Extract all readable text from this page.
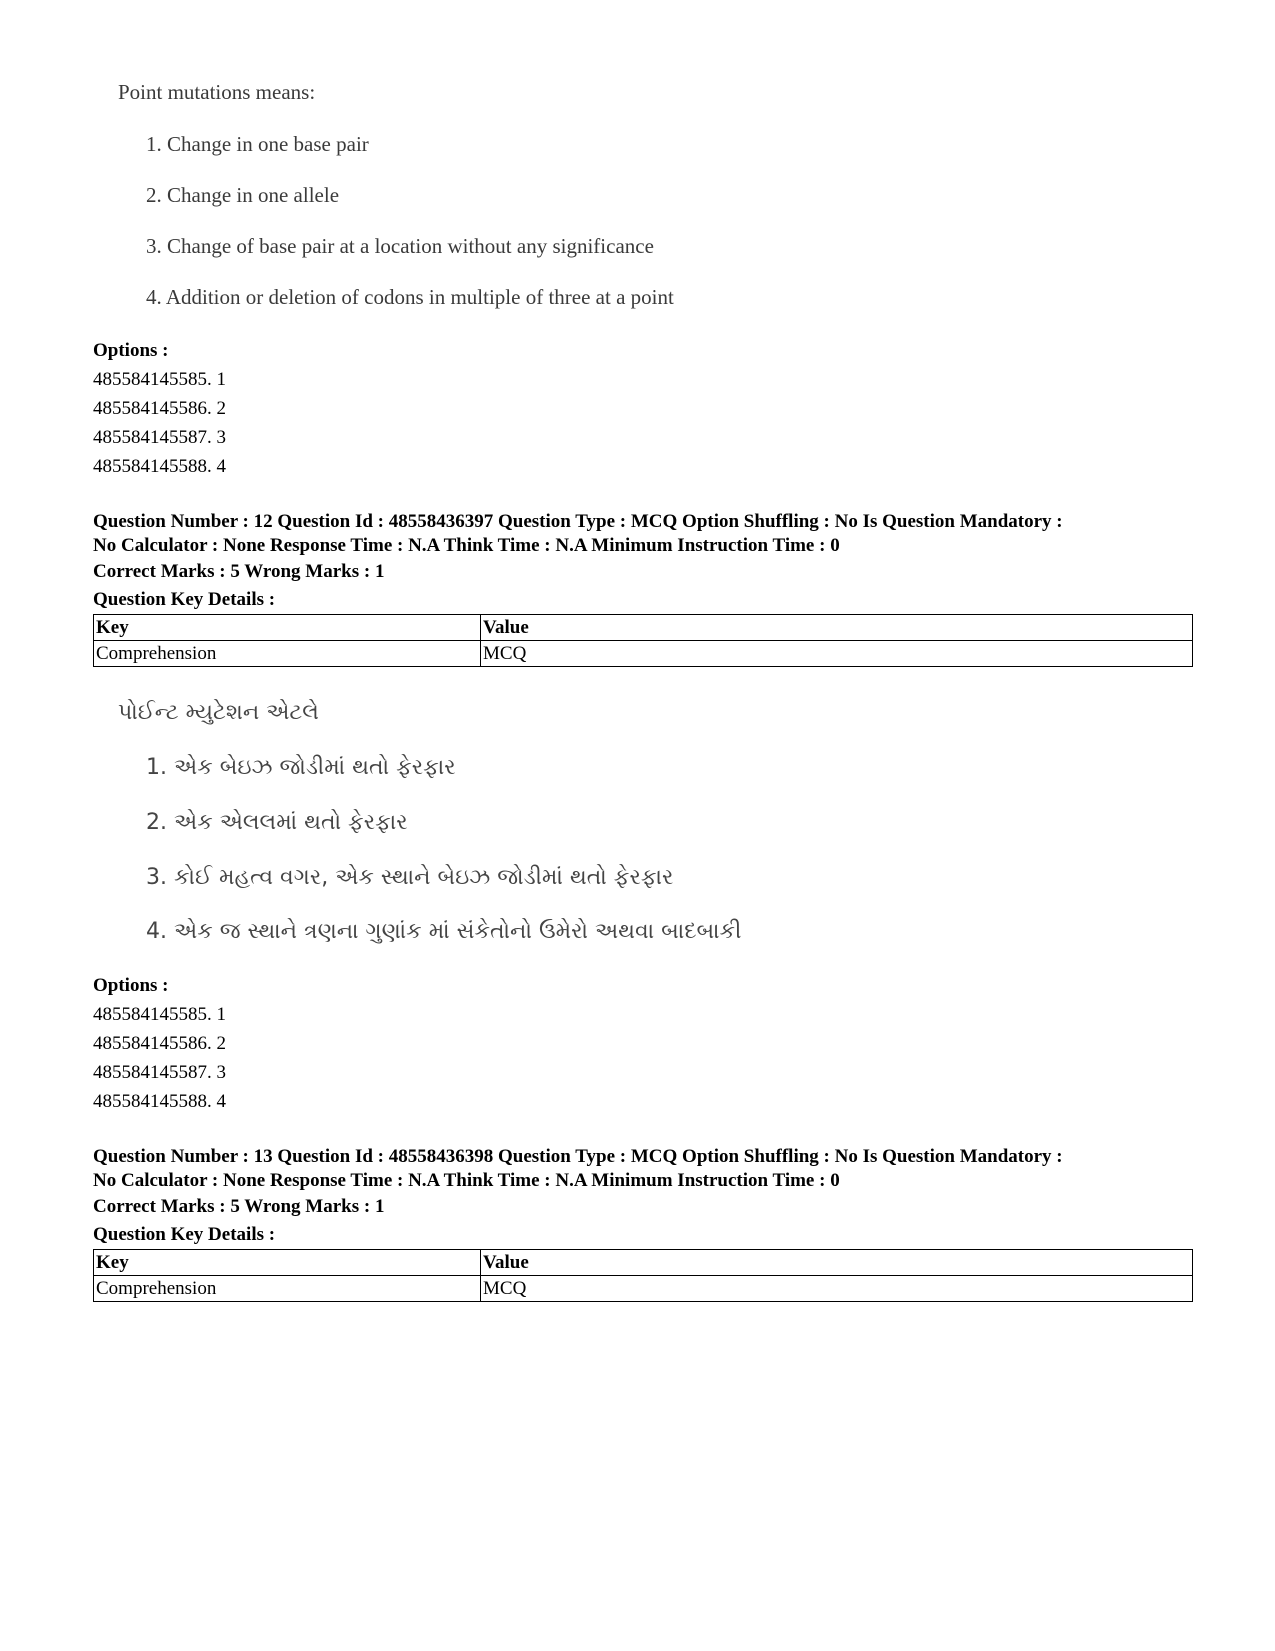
Point mutations means:
1. Change in one base pair
2. Change in one allele
3. Change of base pair at a location without any significance
4. Addition or deletion of codons in multiple of three at a point
Options :
485584145585. 1
485584145586. 2
485584145587. 3
485584145588. 4
Question Number : 12 Question Id : 48558436397 Question Type : MCQ Option Shuffling : No Is Question Mandatory :
No Calculator : None Response Time : N.A Think Time : N.A Minimum Instruction Time : 0
Correct Marks : 5 Wrong Marks : 1
Question Key Details :
Key	Value
Comprehension	MCQ
પોઈન્ટ મ્યુટેશન એટલે
1. એક બેઇઝ જોડીમાં થતો ફેરફાર
2. એક એલલમાં થતો ફેરફાર
3. કોઈ મહત્વ વગર, એક સ્થાને બેઇઝ જોડીમાં થતો ફેરફાર
4. એક જ સ્થાને ત્રણના ગુણાંક માં સંકેતોનો ઉમેરો અથવા બાદબાકી
Options :
485584145585. 1
485584145586. 2
485584145587. 3
485584145588. 4
Question Number : 13 Question Id : 48558436398 Question Type : MCQ Option Shuffling : No Is Question Mandatory :
No Calculator : None Response Time : N.A Think Time : N.A Minimum Instruction Time : 0
Correct Marks : 5 Wrong Marks : 1
Question Key Details :
Key	Value
Comprehension	MCQ
